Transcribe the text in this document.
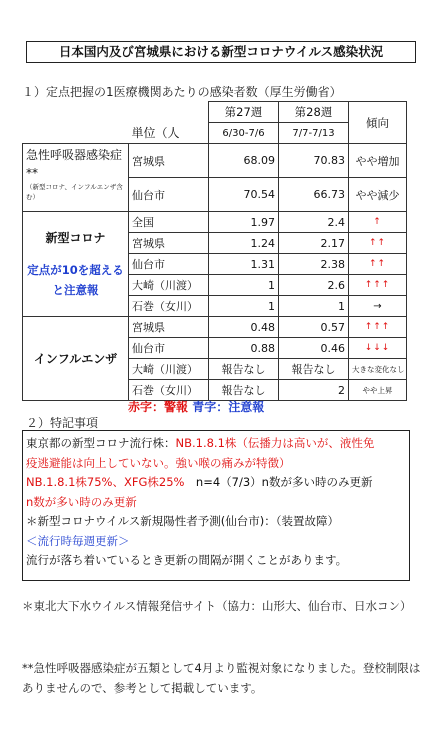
日本国内及び宮城県における新型コロナウイルス感染状況
１）定点把握の1医療機関あたりの感染者数（厚生労働省）
		第27週	第28週	傾向
	単位（人	6/30-7/6	7/7-7/13	

急性呼吸器感染症**
（新型コロナ、インフルエンザ含む）	宮城県	68.09	70.83	やや増加
	仙台市	70.54	66.73	やや減少

新型コロナ
定点が10を超えると注意報	全国	1.97	2.4	↑
	宮城県	1.24	2.17	↑↑
	仙台市	1.31	2.38	↑↑
	大崎（川渡）	1	2.6	↑↑↑
	石巻（女川）	1	1	→
インフルエンザ	宮城県	0.48	0.57	↑↑↑
	仙台市	0.88	0.46	↓↓↓
	大崎（川渡）	報告なし	報告なし	大きな変化なし
	石巻（女川）	報告なし	2	やや上昇
赤字：警報 青字：注意報
２）特記事項
東京都の新型コロナ流行株：NB.1.8.1株（伝播力は高いが、液性免
疫逃避能は向上していない。強い喉の痛みが特徴）
NB.1.8.1株75%、XFG株25%　n=4（7/3）n数が多い時のみ更新
n数が多い時のみ更新
＊新型コロナウイルス新規陽性者予測(仙台市)：（装置故障）
＜流行時毎週更新＞
流行が落ち着いているとき更新の間隔が開くことがあります。
＊東北大下水ウイルス情報発信サイト（協力：山形大、仙台市、日水コン）
**急性呼吸器感染症が五類として4月より監視対象になりました。登校制限はありませんので、参考として掲載しています。
